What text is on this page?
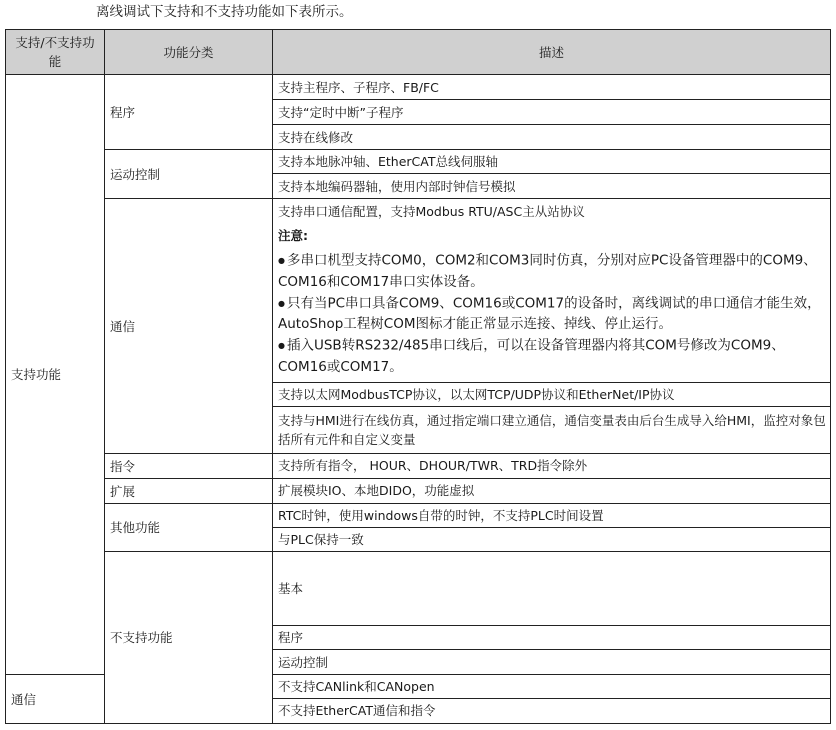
离线调试下支持和不支持功能如下表所示。
支持/不支持功能	功能分类	描述	
支持功能	程序	支持主程序、子程序、FB/FC	
		支持“定时中断”子程序	
		支持在线修改	
	运动控制	支持本地脉冲轴、EtherCAT总线伺服轴	
		支持本地编码器轴，使用内部时钟信号模拟	
	通信	支持串口通信配置，支持Modbus RTU/ASC主从站协议
注意:
● 多串口机型支持COM0，COM2和COM3同时仿真，分别对应PC设备管理器中的COM9、COM16和COM17串口实体设备。
● 只有当PC串口具备COM9、COM16或COM17的设备时，离线调试的串口通信才能生效，AutoShop工程树COM图标才能正常显示连接、掉线、停止运行。
● 插入USB转RS232/485串口线后，可以在设备管理器内将其COM号修改为COM9、COM16或COM17。	

		支持以太网ModbusTCP协议，以太网TCP/UDP协议和EtherNet/IP协议	
		支持与HMI进行在线仿真，通过指定端口建立通信，通信变量表由后台生成导入给HMI，监控对象包括所有元件和自定义变量	
	指令	支持所有指令， HOUR、DHOUR/TWR、TRD指令除外	
	扩展	扩展模块IO、本地DIDO，功能虚拟	
	其他功能	RTC时钟，使用windows自带的时钟，不支持PLC时间设置	
		与PLC保持一致	
	不支持功能	基本	

		程序	
		运动控制	
通信		不支持CANlink和CANopen	
		不支持EtherCAT通信和指令	
